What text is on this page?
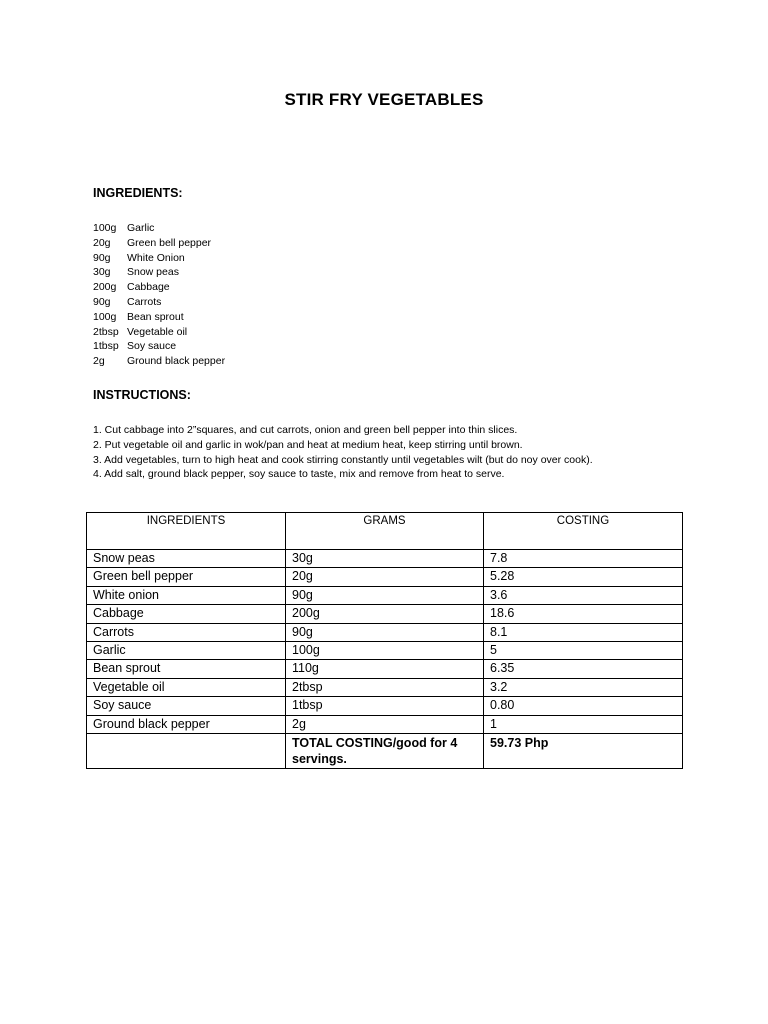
STIR FRY VEGETABLES
INGREDIENTS:
100g Garlic
20g Green bell pepper
90g White Onion
30g Snow peas
200g Cabbage
90g Carrots
100g Bean sprout
2tbsp Vegetable oil
1tbsp Soy sauce
2g Ground black pepper
INSTRUCTIONS:
1. Cut cabbage into 2”squares, and cut carrots, onion and green bell pepper into thin slices.
2. Put vegetable oil and garlic in wok/pan and heat at medium heat, keep stirring until brown.
3. Add vegetables, turn to high heat and cook stirring constantly until vegetables wilt (but do noy over cook).
4. Add salt, ground black pepper, soy sauce to taste, mix and remove from heat to serve.
INGREDIENTS	GRAMS	COSTING
Snow peas	30g	7.8
Green bell pepper	20g	5.28
White onion	90g	3.6
Cabbage	200g	18.6
Carrots	90g	8.1
Garlic	100g	5
Bean sprout	110g	6.35
Vegetable oil	2tbsp	3.2
Soy sauce	1tbsp	0.80
Ground black pepper	2g	1
	TOTAL COSTING/good for 4 servings.	59.73 Php
